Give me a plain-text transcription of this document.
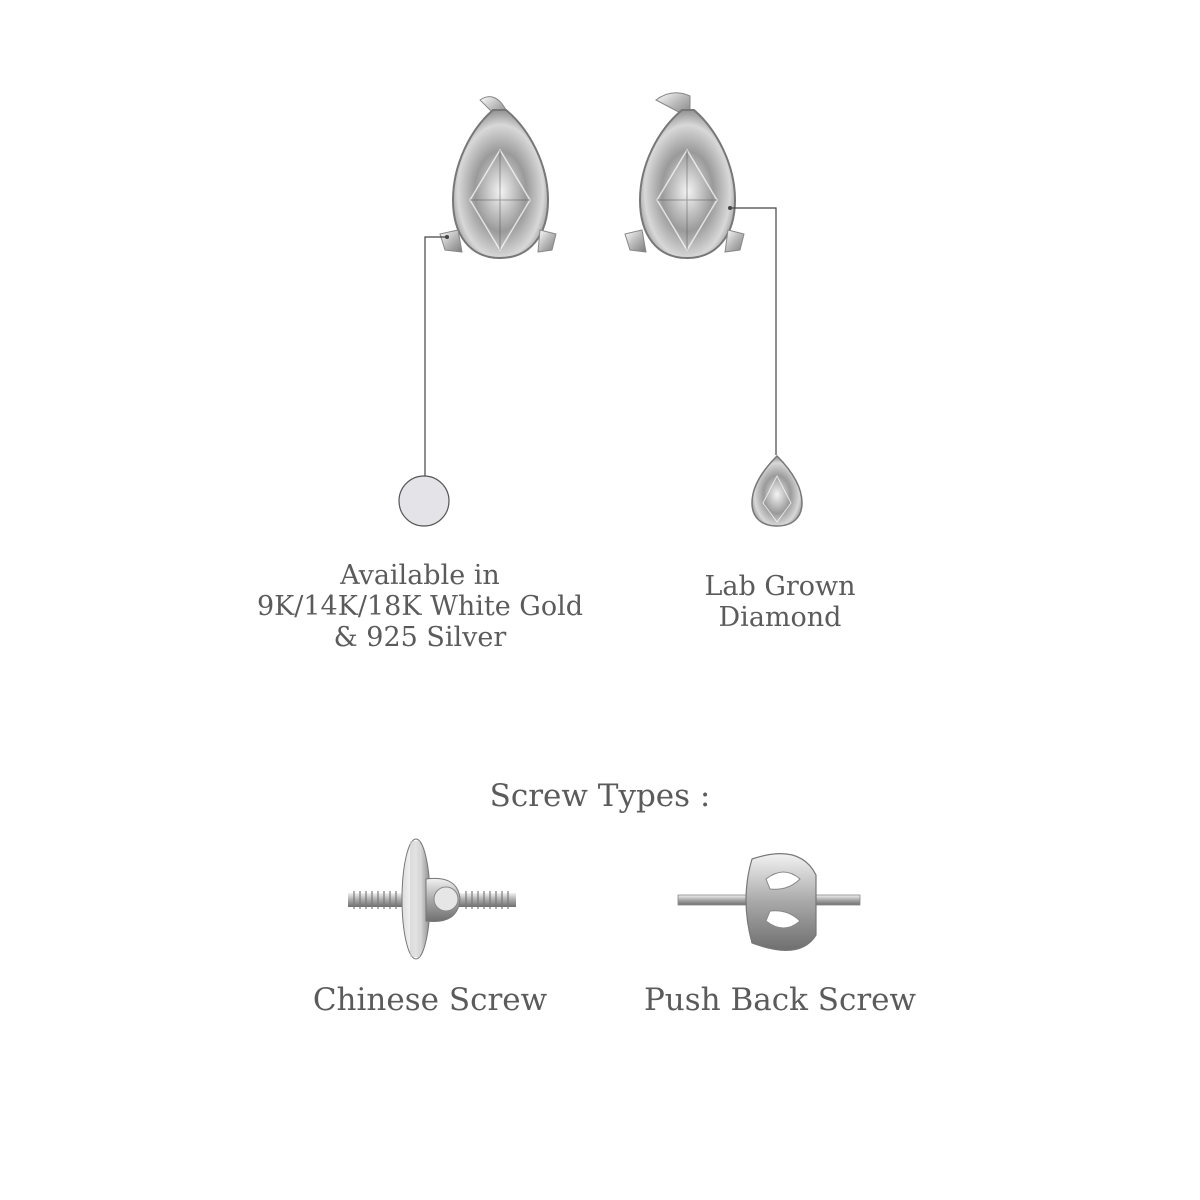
Available in
9K/14K/18K White Gold
& 925 Silver
Lab Grown
Diamond
Screw Types :
Chinese Screw	Push Back Screw
